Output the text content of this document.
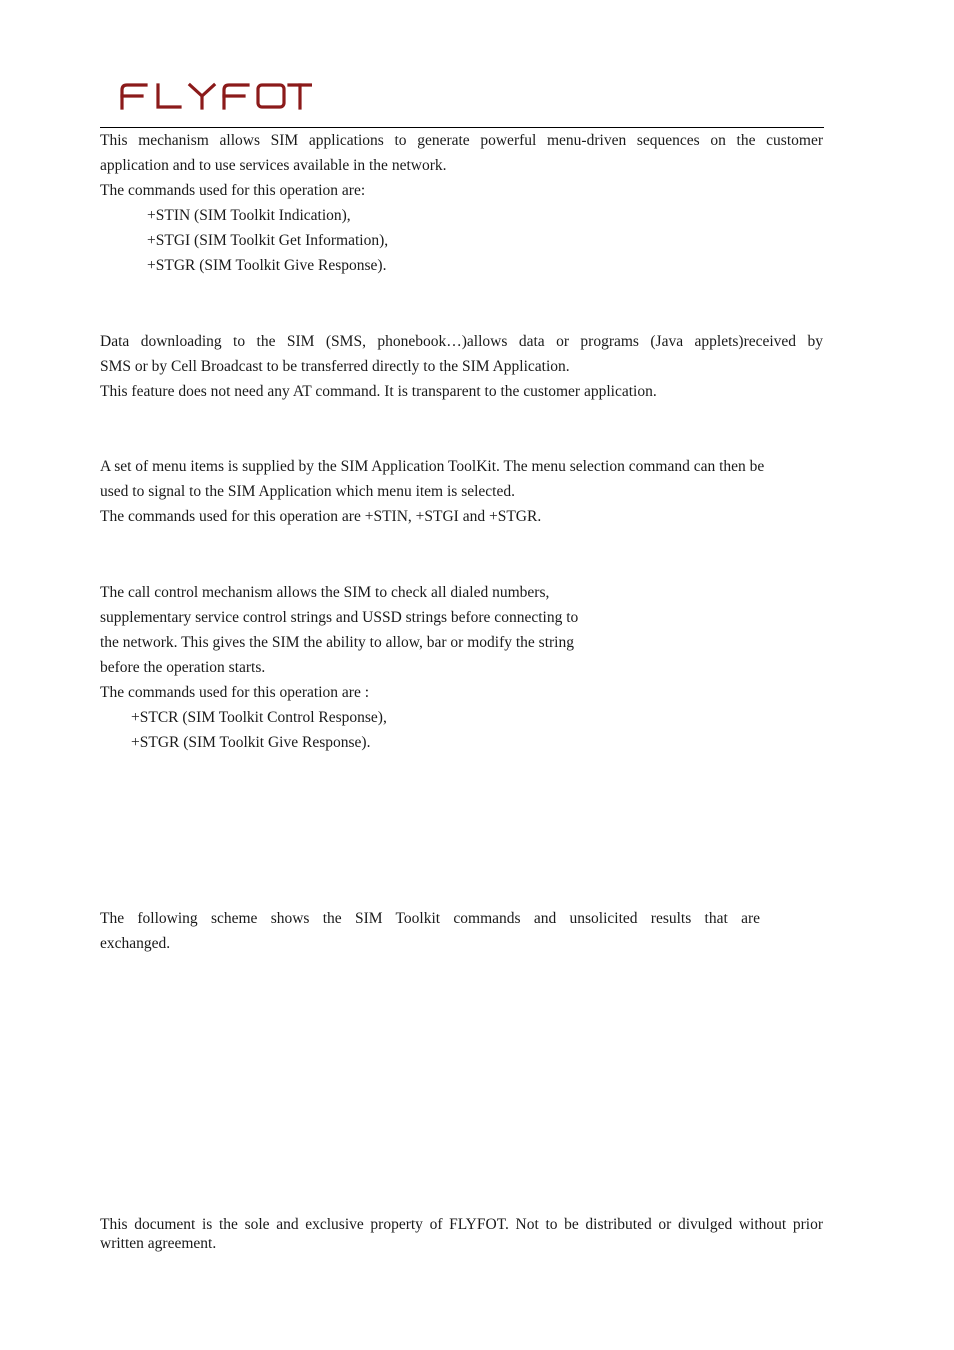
This mechanism allows SIM applications to generate powerful menu-driven sequences on the customer
application and to use services available in the network.
The commands used for this operation are:
+STIN (SIM Toolkit Indication),
+STGI (SIM Toolkit Get Information),
+STGR (SIM Toolkit Give Response).
Data downloading to the SIM (SMS, phonebook…)allows data or programs (Java applets)received by
SMS or by Cell Broadcast to be transferred directly to the SIM Application.
This feature does not need any AT command. It is transparent to the customer application.
A set of menu items is supplied by the SIM Application ToolKit. The menu selection command can then be
used to signal to the SIM Application which menu item is selected.
The commands used for this operation are +STIN, +STGI and +STGR.
The call control mechanism allows the SIM to check all dialed numbers,
supplementary service control strings and USSD strings before connecting to
the network. This gives the SIM the ability to allow, bar or modify the string
before the operation starts.
The commands used for this operation are :
+STCR (SIM Toolkit Control Response),
+STGR (SIM Toolkit Give Response).
The following scheme shows the SIM Toolkit commands and unsolicited results that are
exchanged.
This document is the sole and exclusive property of FLYFOT. Not to be distributed or divulged without prior written agreement.
